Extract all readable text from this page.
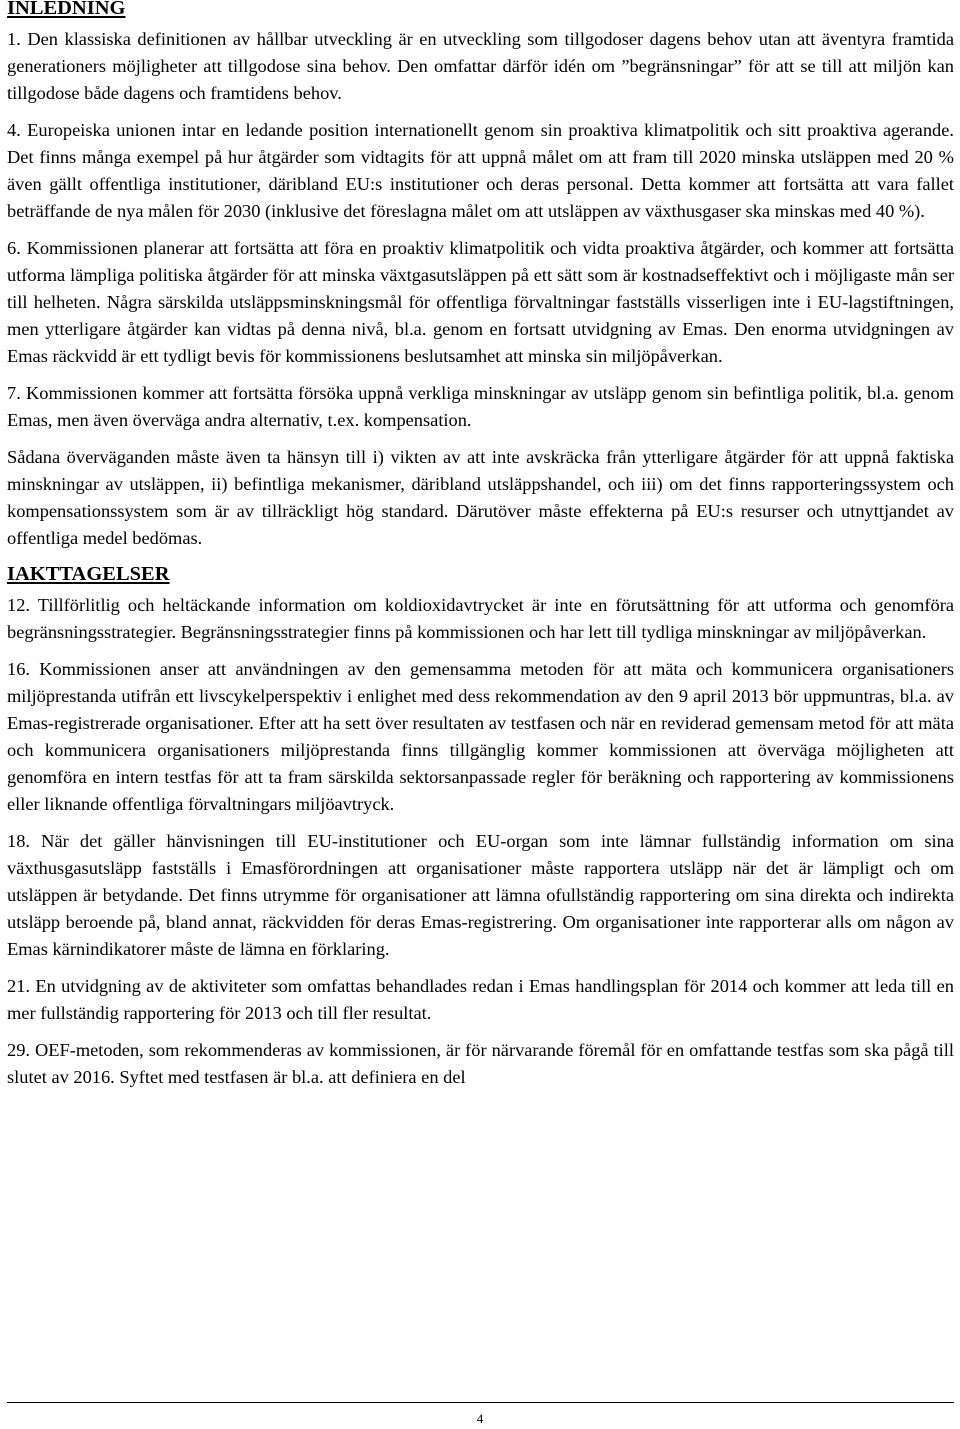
INLEDNING

1. Den klassiska definitionen av hållbar utveckling är en utveckling som tillgodoser dagens behov utan att äventyra framtida generationers möjligheter att tillgodose sina behov. Den omfattar därför idén om ”begränsningar” för att se till att miljön kan tillgodose både dagens och framtidens behov.

4. Europeiska unionen intar en ledande position internationellt genom sin proaktiva klimatpolitik och sitt proaktiva agerande. Det finns många exempel på hur åtgärder som vidtagits för att uppnå målet om att fram till 2020 minska utsläppen med 20 % även gällt offentliga institutioner, däribland EU:s institutioner och deras personal. Detta kommer att fortsätta att vara fallet beträffande de nya målen för 2030 (inklusive det föreslagna målet om att utsläppen av växthusgaser ska minskas med 40 %).

6. Kommissionen planerar att fortsätta att föra en proaktiv klimatpolitik och vidta proaktiva åtgärder, och kommer att fortsätta utforma lämpliga politiska åtgärder för att minska växtgasutsläppen på ett sätt som är kostnadseffektivt och i möjligaste mån ser till helheten. Några särskilda utsläppsminskningsmål för offentliga förvaltningar fastställs visserligen inte i EU-lagstiftningen, men ytterligare åtgärder kan vidtas på denna nivå, bl.a. genom en fortsatt utvidgning av Emas. Den enorma utvidgningen av Emas räckvidd är ett tydligt bevis för kommissionens beslutsamhet att minska sin miljöpåverkan.

7. Kommissionen kommer att fortsätta försöka uppnå verkliga minskningar av utsläpp genom sin befintliga politik, bl.a. genom Emas, men även överväga andra alternativ, t.ex. kompensation.

Sådana överväganden måste även ta hänsyn till i) vikten av att inte avskräcka från ytterligare åtgärder för att uppnå faktiska minskningar av utsläppen, ii) befintliga mekanismer, däribland utsläppshandel, och iii) om det finns rapporteringssystem och kompensationssystem som är av tillräckligt hög standard. Därutöver måste effekterna på EU:s resurser och utnyttjandet av offentliga medel bedömas.

IAKTTAGELSER

12. Tillförlitlig och heltäckande information om koldioxidavtrycket är inte en förutsättning för att utforma och genomföra begränsningsstrategier. Begränsningsstrategier finns på kommissionen och har lett till tydliga minskningar av miljöpåverkan.

16. Kommissionen anser att användningen av den gemensamma metoden för att mäta och kommunicera organisationers miljöprestanda utifrån ett livscykelperspektiv i enlighet med dess rekommendation av den 9 april 2013 bör uppmuntras, bl.a. av Emas-registrerade organisationer. Efter att ha sett över resultaten av testfasen och när en reviderad gemensam metod för att mäta och kommunicera organisationers miljöprestanda finns tillgänglig kommer kommissionen att överväga möjligheten att genomföra en intern testfas för att ta fram särskilda sektorsanpassade regler för beräkning och rapportering av kommissionens eller liknande offentliga förvaltningars miljöavtryck.

18. När det gäller hänvisningen till EU-institutioner och EU-organ som inte lämnar fullständig information om sina växthusgasutsläpp fastställs i Emasförordningen att organisationer måste rapportera utsläpp när det är lämpligt och om utsläppen är betydande. Det finns utrymme för organisationer att lämna ofullständig rapportering om sina direkta och indirekta utsläpp beroende på, bland annat, räckvidden för deras Emas-registrering. Om organisationer inte rapporterar alls om någon av Emas kärnindikatorer måste de lämna en förklaring.

21. En utvidgning av de aktiviteter som omfattas behandlades redan i Emas handlingsplan för 2014 och kommer att leda till en mer fullständig rapportering för 2013 och till fler resultat.

29. OEF-metoden, som rekommenderas av kommissionen, är för närvarande föremål för en omfattande testfas som ska pågå till slutet av 2016. Syftet med testfasen är bl.a. att definiera en del

4
